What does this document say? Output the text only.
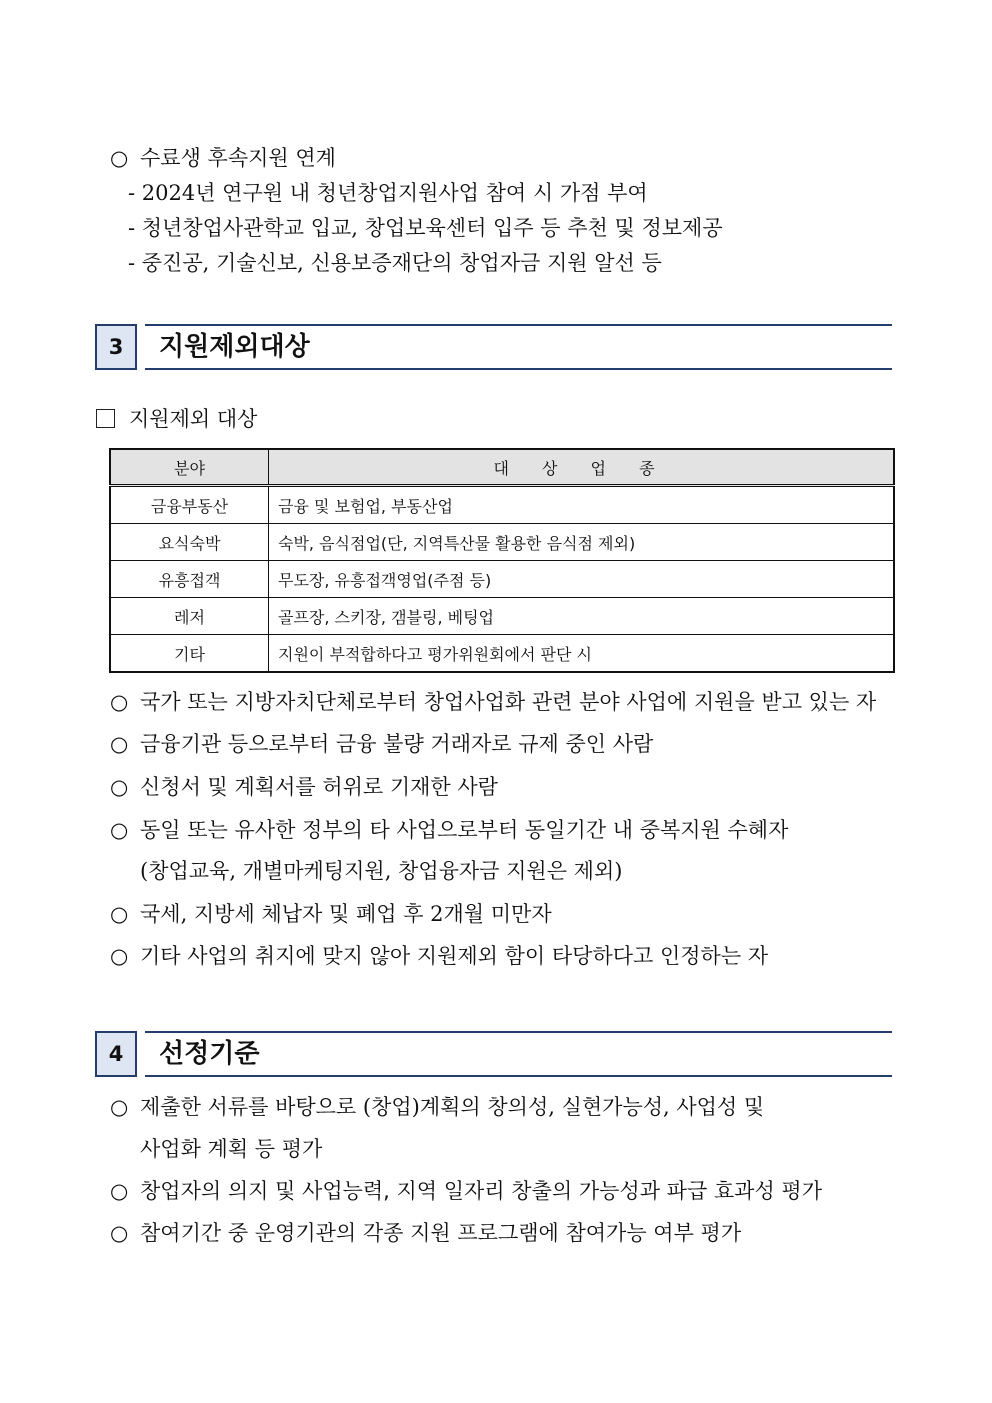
○ 수료생 후속지원 연계
- 2024년 연구원 내 청년창업지원사업 참여 시 가점 부여
- 청년창업사관학교 입교, 창업보육센터 입주 등 추천 및 정보제공
- 중진공, 기술신보, 신용보증재단의 창업자금 지원 알선 등
3	지원제외대상
지원제외 대상
분야	대 상 업 종
금융부동산	금융 및 보험업, 부동산업
요식숙박	숙박, 음식점업(단, 지역특산물 활용한 음식점 제외)
유흥접객	무도장, 유흥접객영업(주점 등)
레저	골프장, 스키장, 갬블링, 베팅업
기타	지원이 부적합하다고 평가위원회에서 판단 시
○ 국가 또는 지방자치단체로부터 창업사업화 관련 분야 사업에 지원을 받고 있는 자
○ 금융기관 등으로부터 금융 불량 거래자로 규제 중인 사람
○ 신청서 및 계획서를 허위로 기재한 사람
○ 동일 또는 유사한 정부의 타 사업으로부터 동일기간 내 중복지원 수혜자
(창업교육, 개별마케팅지원, 창업융자금 지원은 제외)
○ 국세, 지방세 체납자 및 폐업 후 2개월 미만자
○ 기타 사업의 취지에 맞지 않아 지원제외 함이 타당하다고 인정하는 자
4	선정기준
○ 제출한 서류를 바탕으로 (창업)계획의 창의성, 실현가능성, 사업성 및
사업화 계획 등 평가
○ 창업자의 의지 및 사업능력, 지역 일자리 창출의 가능성과 파급 효과성 평가
○ 참여기간 중 운영기관의 각종 지원 프로그램에 참여가능 여부 평가
